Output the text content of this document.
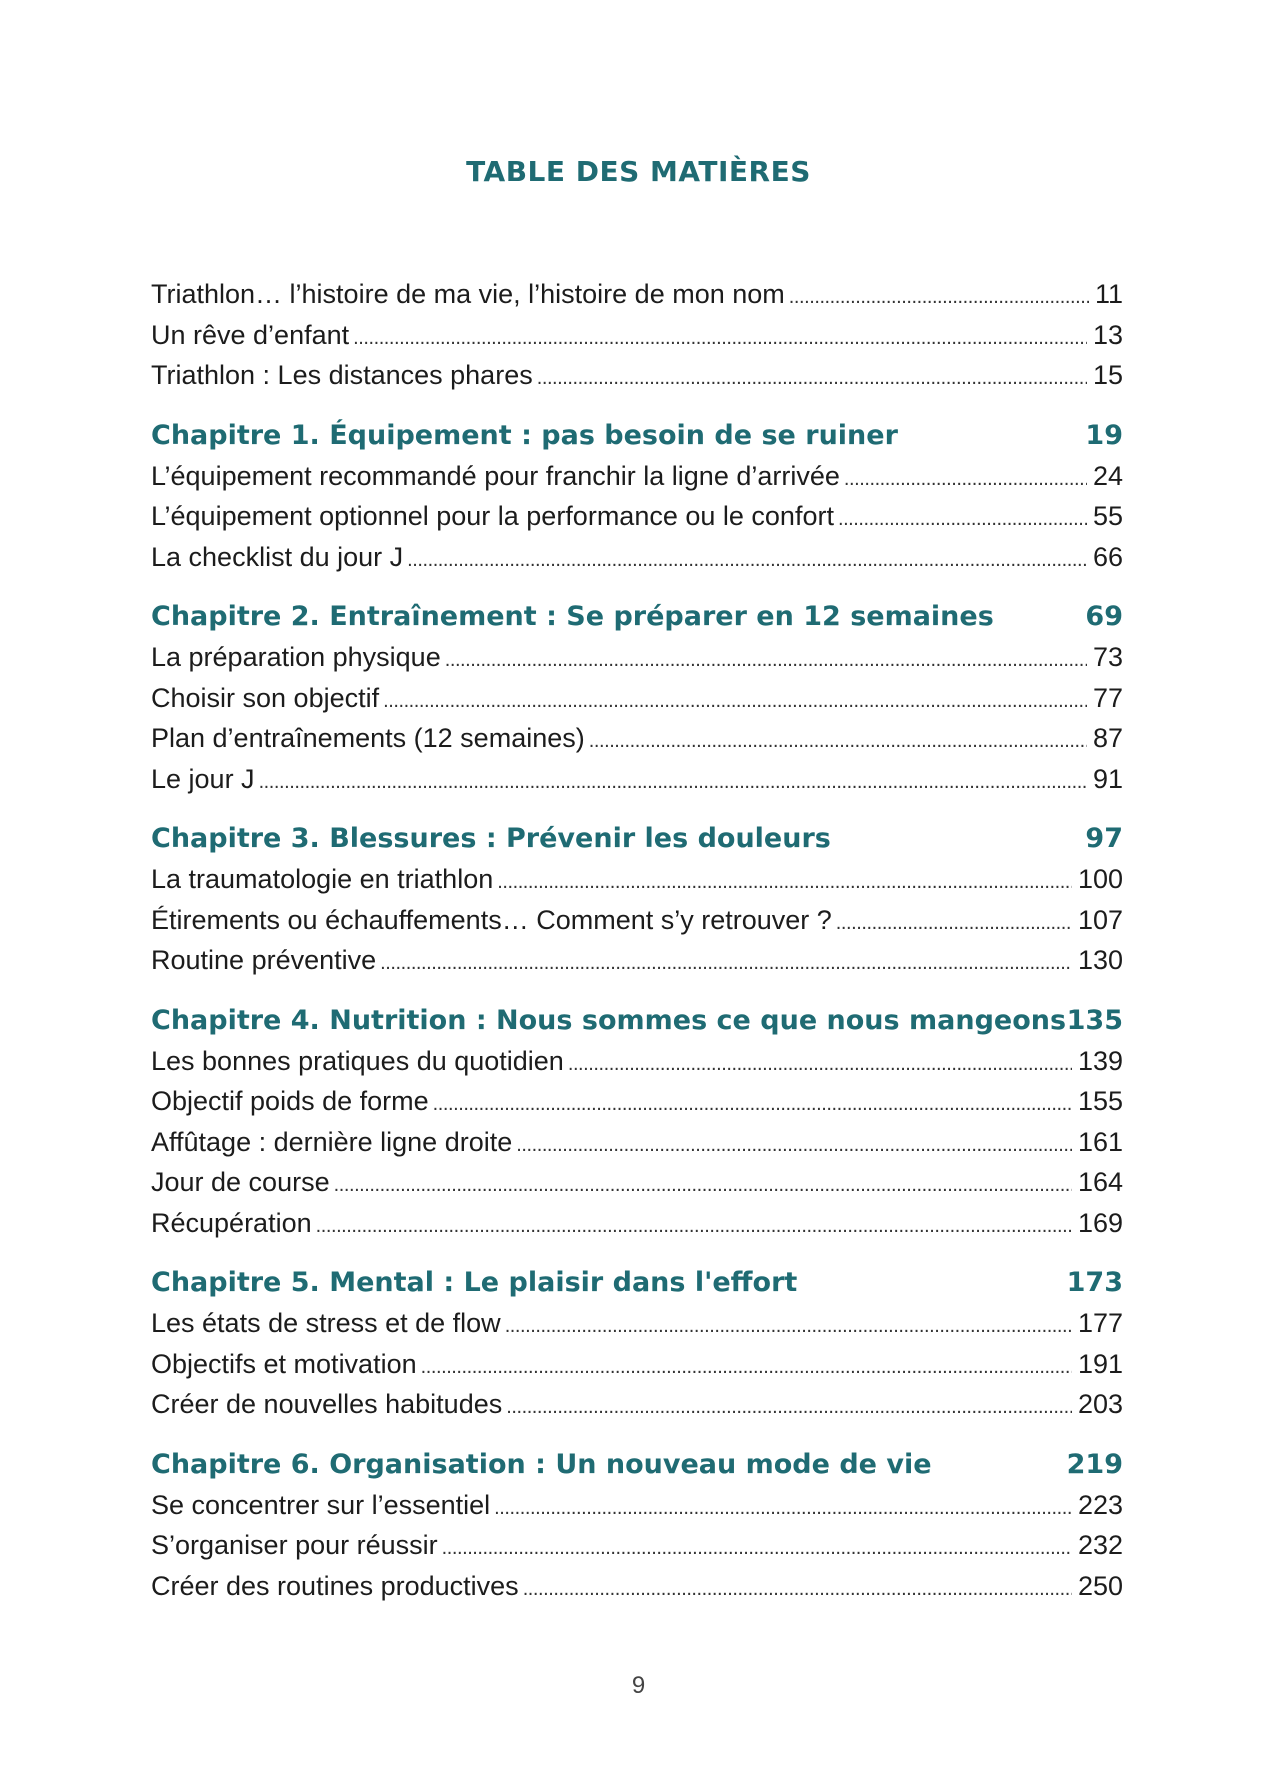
TABLE DES MATIÈRES
Triathlon… l’histoire de ma vie, l’histoire de mon nom . . .	11
Un rêve d’enfant . . .	13
Triathlon : Les distances phares . . .	15
Chapitre 1. Équipement : pas besoin de se ruiner	19
L’équipement recommandé pour franchir la ligne d’arrivée . . .	24
L’équipement optionnel pour la performance ou le confort . . .	55
La checklist du jour J . . .	66
Chapitre 2. Entraînement : Se préparer en 12 semaines	69
La préparation physique . . .	73
Choisir son objectif . . .	77
Plan d’entraînements (12 semaines) . . .	87
Le jour J . . .	91
Chapitre 3. Blessures : Prévenir les douleurs	97
La traumatologie en triathlon . . .	100
Étirements ou échauffements… Comment s’y retrouver ? . . .	107
Routine préventive . . .	130
Chapitre 4. Nutrition : Nous sommes ce que nous mangeons 135
Les bonnes pratiques du quotidien . . .	139
Objectif poids de forme . . .	155
Affûtage : dernière ligne droite . . .	161
Jour de course . . .	164
Récupération . . .	169
Chapitre 5. Mental : Le plaisir dans l'effort	173
Les états de stress et de flow . . .	177
Objectifs et motivation . . .	191
Créer de nouvelles habitudes . . .	203
Chapitre 6. Organisation : Un nouveau mode de vie	219
Se concentrer sur l’essentiel . . .	223
S’organiser pour réussir . . .	232
Créer des routines productives . . .	250
9
